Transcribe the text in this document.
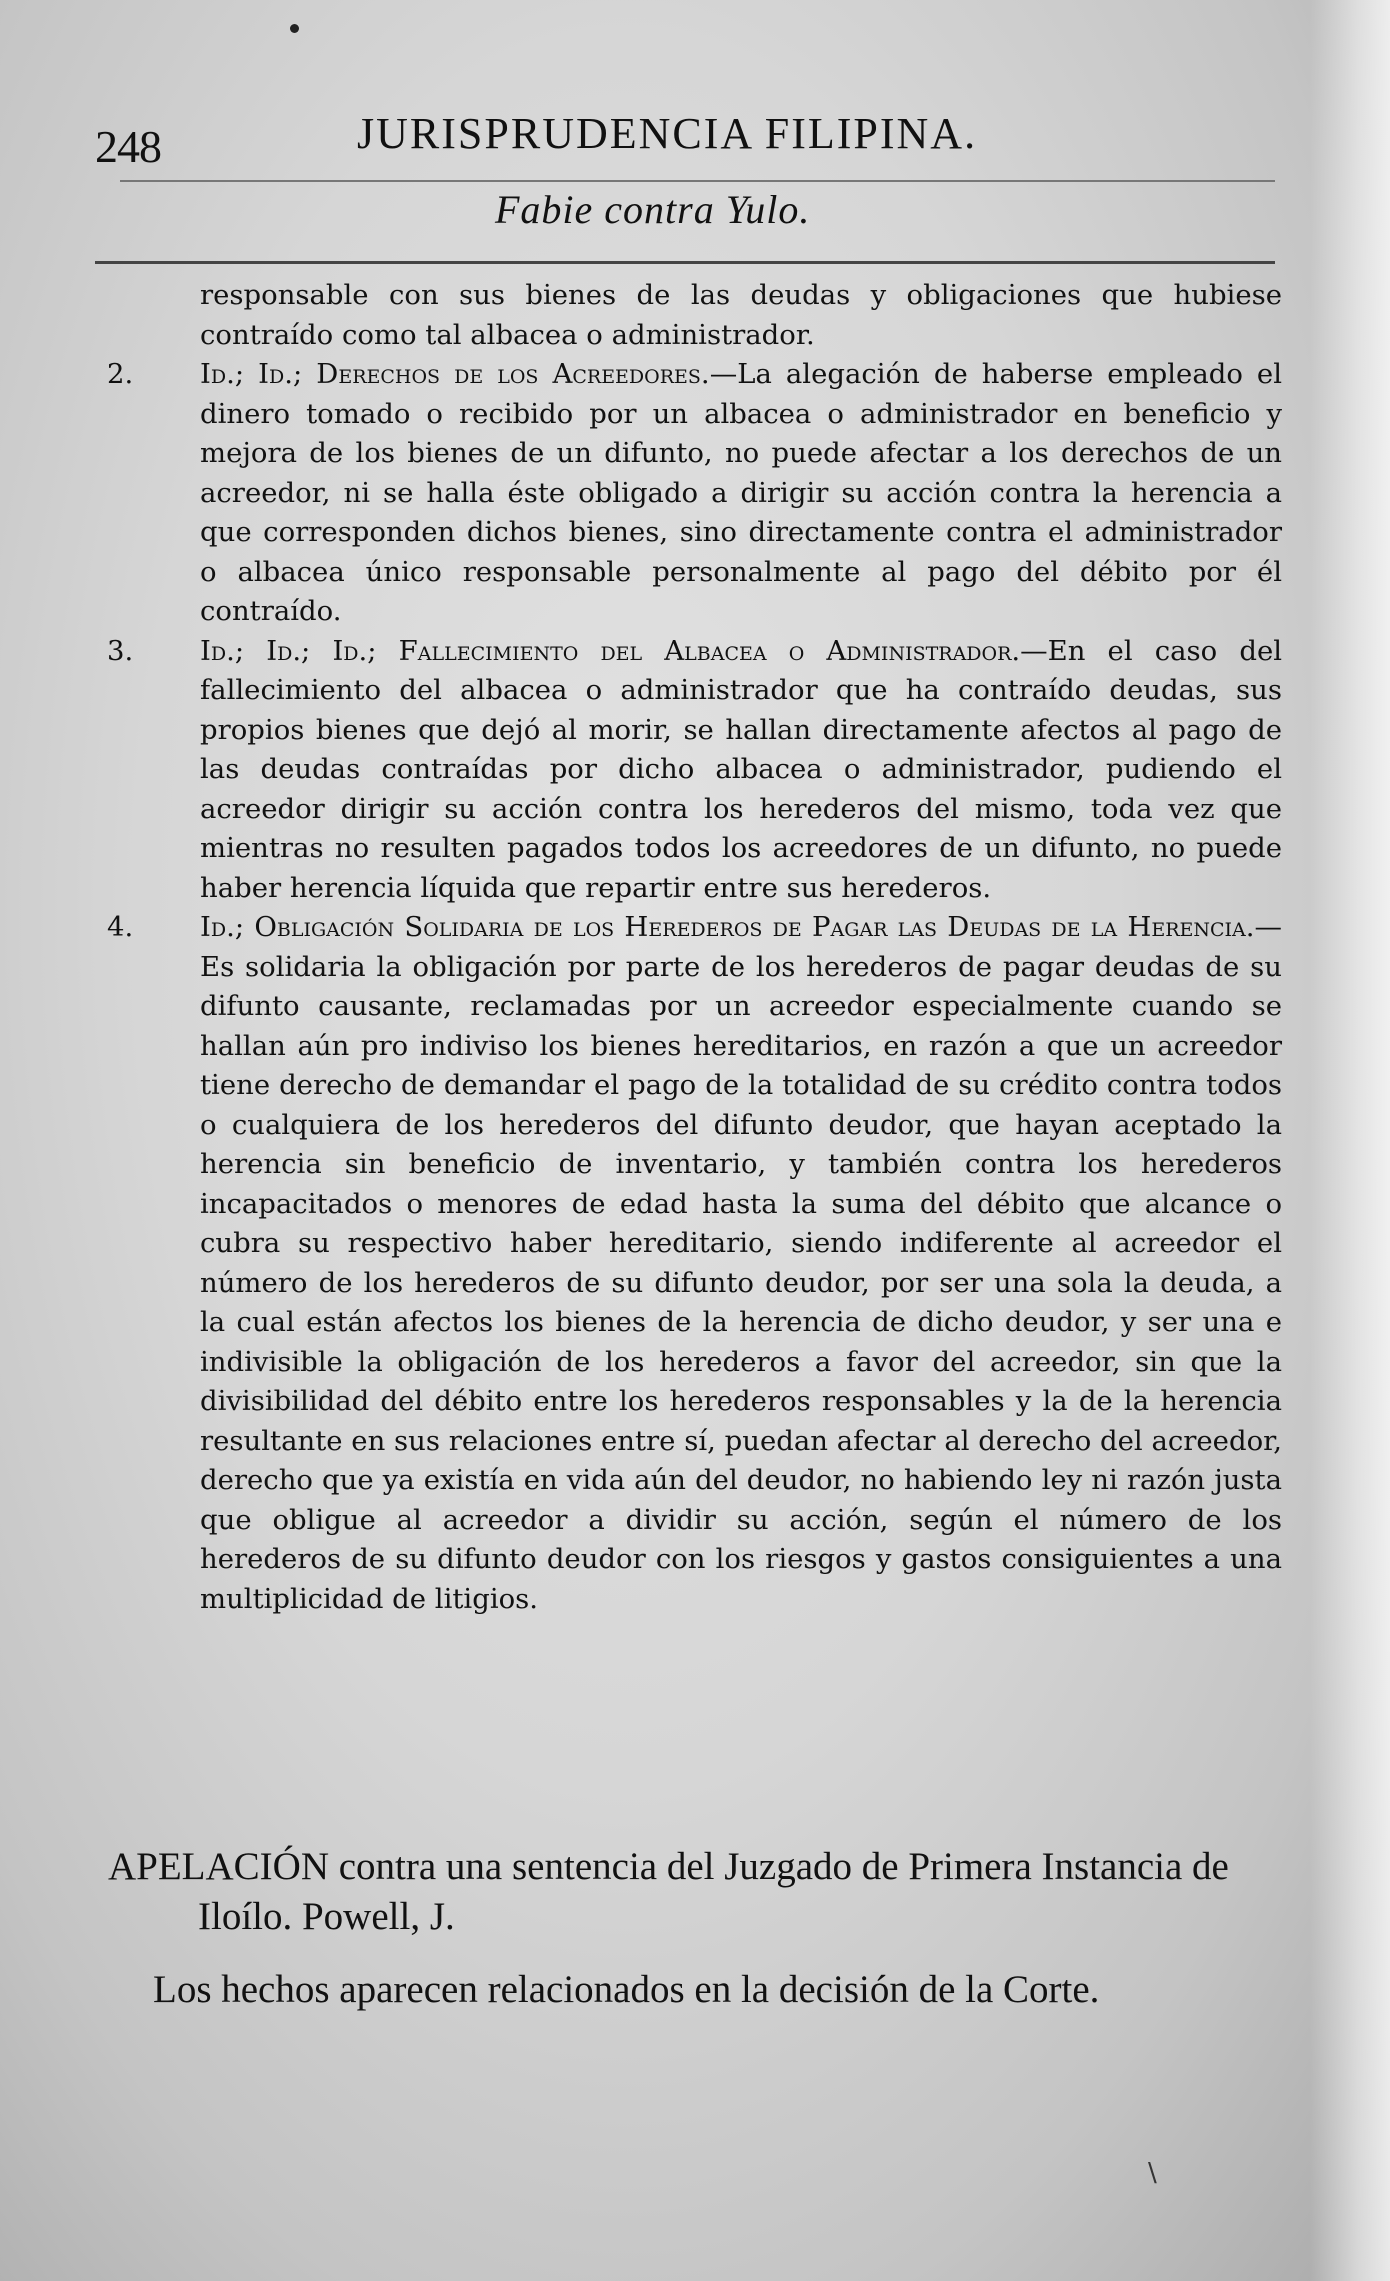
248	JURISPRUDENCIA FILIPINA.
Fabie contra Yulo.

responsable con sus bienes de las deudas y obligaciones que hubiese contraído como tal albacea o administrador.

2. Id.; Id.; Derechos de los Acreedores.—La alegación de haberse empleado el dinero tomado o recibido por un albacea o administrador en beneficio y mejora de los bienes de un difunto, no puede afectar a los derechos de un acreedor, ni se halla éste obligado a dirigir su acción contra la herencia a que corresponden dichos bienes, sino directamente contra el administrador o albacea único responsable personalmente al pago del débito por él contraído.

3. Id.; Id.; Id.; Fallecimiento del Albacea o Administrador.—En el caso del fallecimiento del albacea o administrador que ha contraído deudas, sus propios bienes que dejó al morir, se hallan directamente afectos al pago de las deudas contraídas por dicho albacea o administrador, pudiendo el acreedor dirigir su acción contra los herederos del mismo, toda vez que mientras no resulten pagados todos los acreedores de un difunto, no puede haber herencia líquida que repartir entre sus herederos.

4. Id.; Obligación Solidaria de los Herederos de Pagar las Deudas de la Herencia.—Es solidaria la obligación por parte de los herederos de pagar deudas de su difunto causante, reclamadas por un acreedor especialmente cuando se hallan aún pro indiviso los bienes hereditarios, en razón a que un acreedor tiene derecho de demandar el pago de la totalidad de su crédito contra todos o cualquiera de los herederos del difunto deudor, que hayan aceptado la herencia sin beneficio de inventario, y también contra los herederos incapacitados o menores de edad hasta la suma del débito que alcance o cubra su respectivo haber hereditario, siendo indiferente al acreedor el número de los herederos de su difunto deudor, por ser una sola la deuda, a la cual están afectos los bienes de la herencia de dicho deudor, y ser una e indivisible la obligación de los herederos a favor del acreedor, sin que la divisibilidad del débito entre los herederos responsables y la de la herencia resultante en sus relaciones entre sí, puedan afectar al derecho del acreedor, derecho que ya existía en vida aún del deudor, no habiendo ley ni razón justa que obligue al acreedor a dividir su acción, según el número de los herederos de su difunto deudor con los riesgos y gastos consiguientes a una multiplicidad de litigios.

APELACIÓN contra una sentencia del Juzgado de Primera Instancia de Iloílo. Powell, J.

Los hechos aparecen relacionados en la decisión de la Corte.

\
